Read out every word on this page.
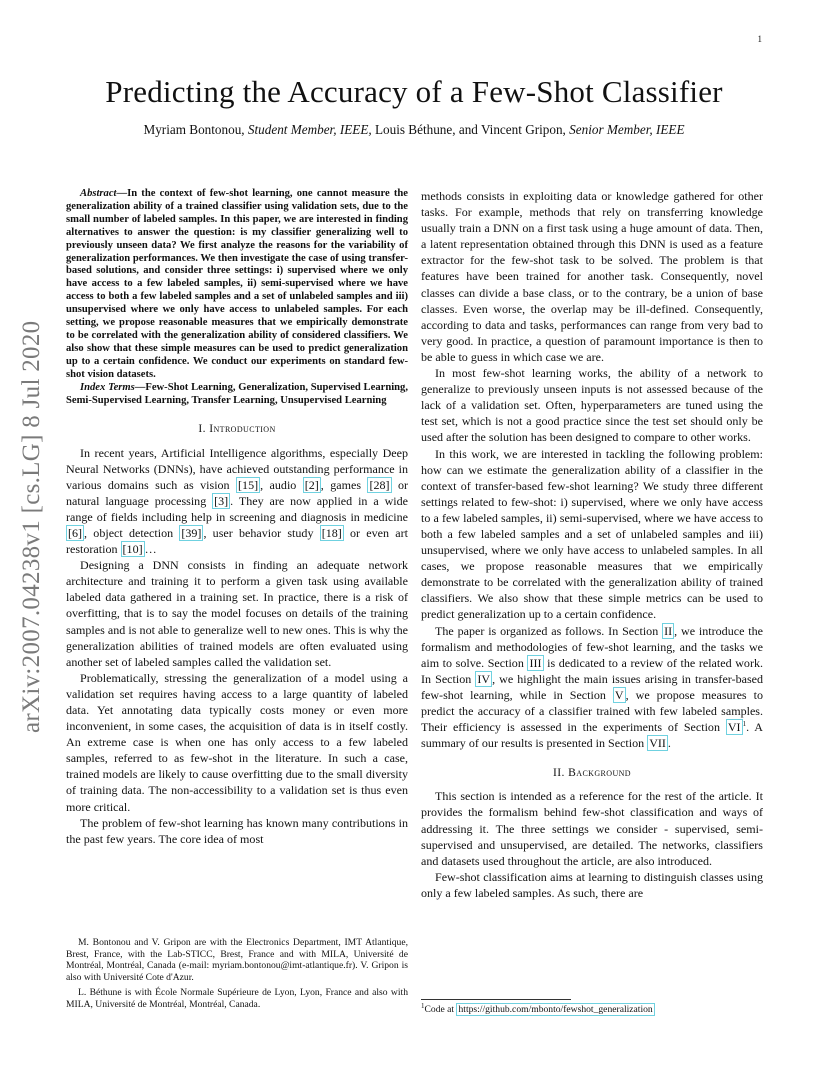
1
arXiv:2007.04238v1 [cs.LG] 8 Jul 2020
Predicting the Accuracy of a Few-Shot Classifier
Myriam Bontonou, Student Member, IEEE, Louis Béthune, and Vincent Gripon, Senior Member, IEEE

Abstract—In the context of few-shot learning, one cannot measure the generalization ability of a trained classifier using validation sets, due to the small number of labeled samples. In this paper, we are interested in finding alternatives to answer the question: is my classifier generalizing well to previously unseen data? We first analyze the reasons for the variability of generalization performances. We then investigate the case of using transfer-based solutions, and consider three settings: i) supervised where we only have access to a few labeled samples, ii) semi-supervised where we have access to both a few labeled samples and a set of unlabeled samples and iii) unsupervised where we only have access to unlabeled samples. For each setting, we propose reasonable measures that we empirically demonstrate to be correlated with the generalization ability of considered classifiers. We also show that these simple measures can be used to predict generalization up to a certain confidence. We conduct our experiments on standard few-shot vision datasets.

Index Terms—Few-Shot Learning, Generalization, Supervised Learning, Semi-Supervised Learning, Transfer Learning, Unsupervised Learning

I. Introduction

In recent years, Artificial Intelligence algorithms, especially Deep Neural Networks (DNNs), have achieved outstanding performance in various domains such as vision [15] , audio [2] , games [28] or natural language processing [3] . They are now applied in a wide range of fields including help in screening and diagnosis in medicine [6] , object detection [39] , user behavior study [18] or even art restoration [10] …

Designing a DNN consists in finding an adequate network architecture and training it to perform a given task using available labeled data gathered in a training set. In practice, there is a risk of overfitting, that is to say the model focuses on details of the training samples and is not able to generalize well to new ones. This is why the generalization abilities of trained models are often evaluated using another set of labeled samples called the validation set.

Problematically, stressing the generalization of a model using a validation set requires having access to a large quantity of labeled data. Yet annotating data typically costs money or even more inconvenient, in some cases, the acquisition of data is in itself costly. An extreme case is when one has only access to a few labeled samples, referred to as few-shot in the literature. In such a case, trained models are likely to cause overfitting due to the small diversity of training data. The non-accessibility to a validation set is thus even more critical.

The problem of few-shot learning has known many contributions in the past few years. The core idea of most

M. Bontonou and V. Gripon are with the Electronics Department, IMT Atlantique, Brest, France, with the Lab-STICC, Brest, France and with MILA, Université de Montréal, Montréal, Canada (e-mail: myriam.bontonou@imt-atlantique.fr). V. Gripon is also with Université Cote d'Azur.

L. Béthune is with École Normale Supérieure de Lyon, Lyon, France and also with MILA, Université de Montréal, Montréal, Canada.

methods consists in exploiting data or knowledge gathered for other tasks. For example, methods that rely on transferring knowledge usually train a DNN on a first task using a huge amount of data. Then, a latent representation obtained through this DNN is used as a feature extractor for the few-shot task to be solved. The problem is that features have been trained for another task. Consequently, novel classes can divide a base class, or to the contrary, be a union of base classes. Even worse, the overlap may be ill-defined. Consequently, according to data and tasks, performances can range from very bad to very good. In practice, a question of paramount importance is then to be able to guess in which case we are.

In most few-shot learning works, the ability of a network to generalize to previously unseen inputs is not assessed because of the lack of a validation set. Often, hyperparameters are tuned using the test set, which is not a good practice since the test set should only be used after the solution has been designed to compare to other works.

In this work, we are interested in tackling the following problem: how can we estimate the generalization ability of a classifier in the context of transfer-based few-shot learning? We study three different settings related to few-shot: i) supervised, where we only have access to a few labeled samples, ii) semi-supervised, where we have access to both a few labeled samples and a set of unlabeled samples and iii) unsupervised, where we only have access to unlabeled samples. In all cases, we propose reasonable measures that we empirically demonstrate to be correlated with the generalization ability of trained classifiers. We also show that these simple metrics can be used to predict generalization up to a certain confidence.

The paper is organized as follows. In Section II , we introduce the formalism and methodologies of few-shot learning, and the tasks we aim to solve. Section III is dedicated to a review of the related work. In Section IV , we highlight the main issues arising in transfer-based few-shot learning, while in Section V , we propose measures to predict the accuracy of a classifier trained with few labeled samples. Their efficiency is assessed in the experiments of Section VI $^1$. A summary of our results is presented in Section VII .

II. Background

This section is intended as a reference for the rest of the article. It provides the formalism behind few-shot classification and ways of addressing it. The three settings we consider - supervised, semi-supervised and unsupervised, are detailed. The networks, classifiers and datasets used throughout the article, are also introduced.

Few-shot classification aims at learning to distinguish classes using only a few labeled samples. As such, there are

$^1$Code at https://github.com/mbonto/fewshot_generalization
